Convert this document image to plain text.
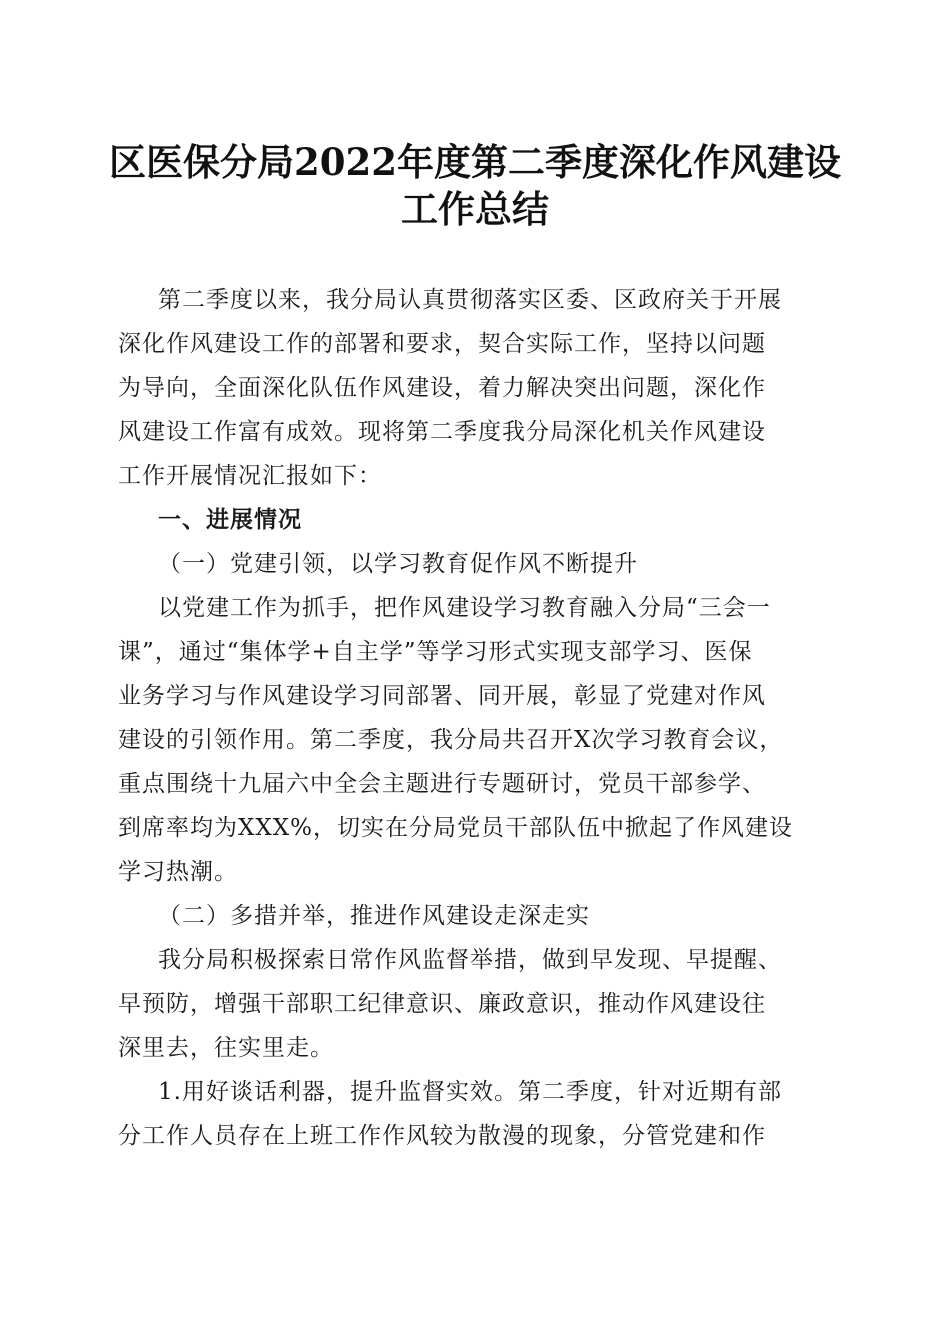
区医保分局2022年度第二季度深化作风建设
工作总结
第二季度以来，我分局认真贯彻落实区委、区政府关于开展
深化作风建设工作的部署和要求，契合实际工作，坚持以问题
为导向，全面深化队伍作风建设，着力解决突出问题，深化作
风建设工作富有成效。现将第二季度我分局深化机关作风建设
工作开展情况汇报如下：
一、进展情况
（一）党建引领，以学习教育促作风不断提升
以党建工作为抓手，把作风建设学习教育融入分局“三会一
课”，通过“集体学+自主学”等学习形式实现支部学习、医保
业务学习与作风建设学习同部署、同开展，彰显了党建对作风
建设的引领作用。第二季度，我分局共召开X次学习教育会议，
重点围绕十九届六中全会主题进行专题研讨，党员干部参学、
到席率均为XXX%，切实在分局党员干部队伍中掀起了作风建设
学习热潮。
（二）多措并举，推进作风建设走深走实
我分局积极探索日常作风监督举措，做到早发现、早提醒、
早预防，增强干部职工纪律意识、廉政意识，推动作风建设往
深里去，往实里走。
1.用好谈话利器，提升监督实效。第二季度，针对近期有部
分工作人员存在上班工作作风较为散漫的现象，分管党建和作
